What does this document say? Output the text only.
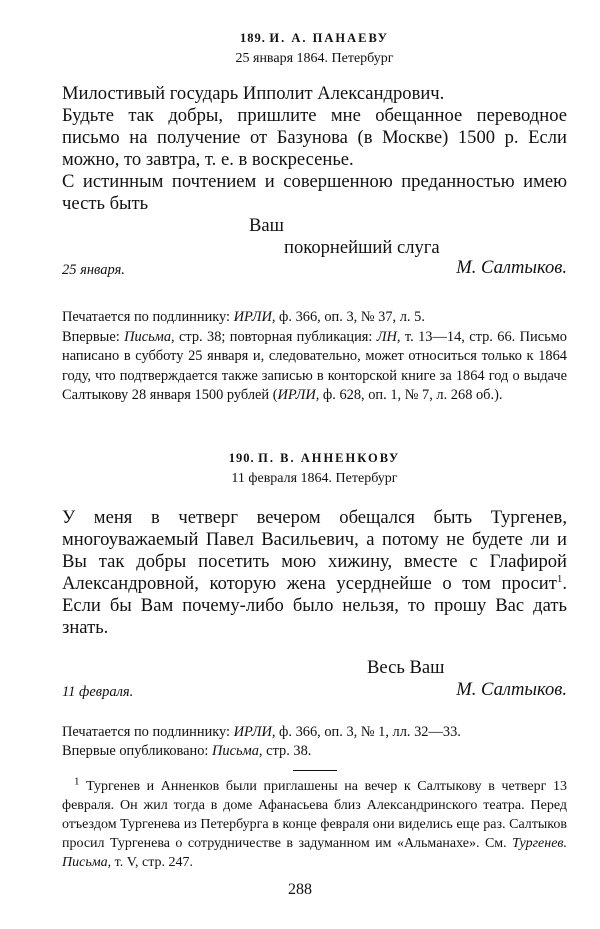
189. И. А. ПАНАЕВУ
25 января 1864. Петербург

Милостивый государь Ипполит Александрович.

Будьте так добры, пришлите мне обещанное переводное письмо на получение от Базунова (в Москве) 1500 р. Если можно, то завтра, т. е. в воскресенье.

С истинным почтением и совершенною преданностью имею честь быть

Ваш
покорнейший слуга
25 января.	М. Салтыков.

Печатается по подлиннику: ИРЛИ, ф. 366, оп. 3, № 37, л. 5.

Впервые: Письма, стр. 38; повторная публикация: ЛН, т. 13—14, стр. 66. Письмо написано в субботу 25 января и, следовательно, может относиться только к 1864 году, что подтверждается также записью в конторской книге за 1864 год о выдаче Салтыкову 28 января 1500 рублей (ИРЛИ, ф. 628, оп. 1, № 7, л. 268 об.).

190. П. В. АННЕНКОВУ
11 февраля 1864. Петербург

У меня в четверг вечером обещался быть Тургенев, многоуважаемый Павел Васильевич, а потому не будете ли и Вы так добры посетить мою хижину, вместе с Глафирой Александровной, которую жена усерднейше о том просит$^1$. Если бы Вам почему-либо было нельзя, то прошу Вас дать знать.

Весь Ваш
11 февраля.	М. Салтыков.

Печатается по подлиннику: ИРЛИ, ф. 366, оп. 3, № 1, лл. 32—33.

Впервые опубликовано: Письма, стр. 38.

$^1$ Тургенев и Анненков были приглашены на вечер к Салтыкову в четверг 13 февраля. Он жил тогда в доме Афанасьева близ Александринского театра. Перед отъездом Тургенева из Петербурга в конце февраля они виделись еще раз. Салтыков просил Тургенева о сотрудничестве в задуманном им «Альманахе». См. Тургенев. Письма, т. V, стр. 247.

288
